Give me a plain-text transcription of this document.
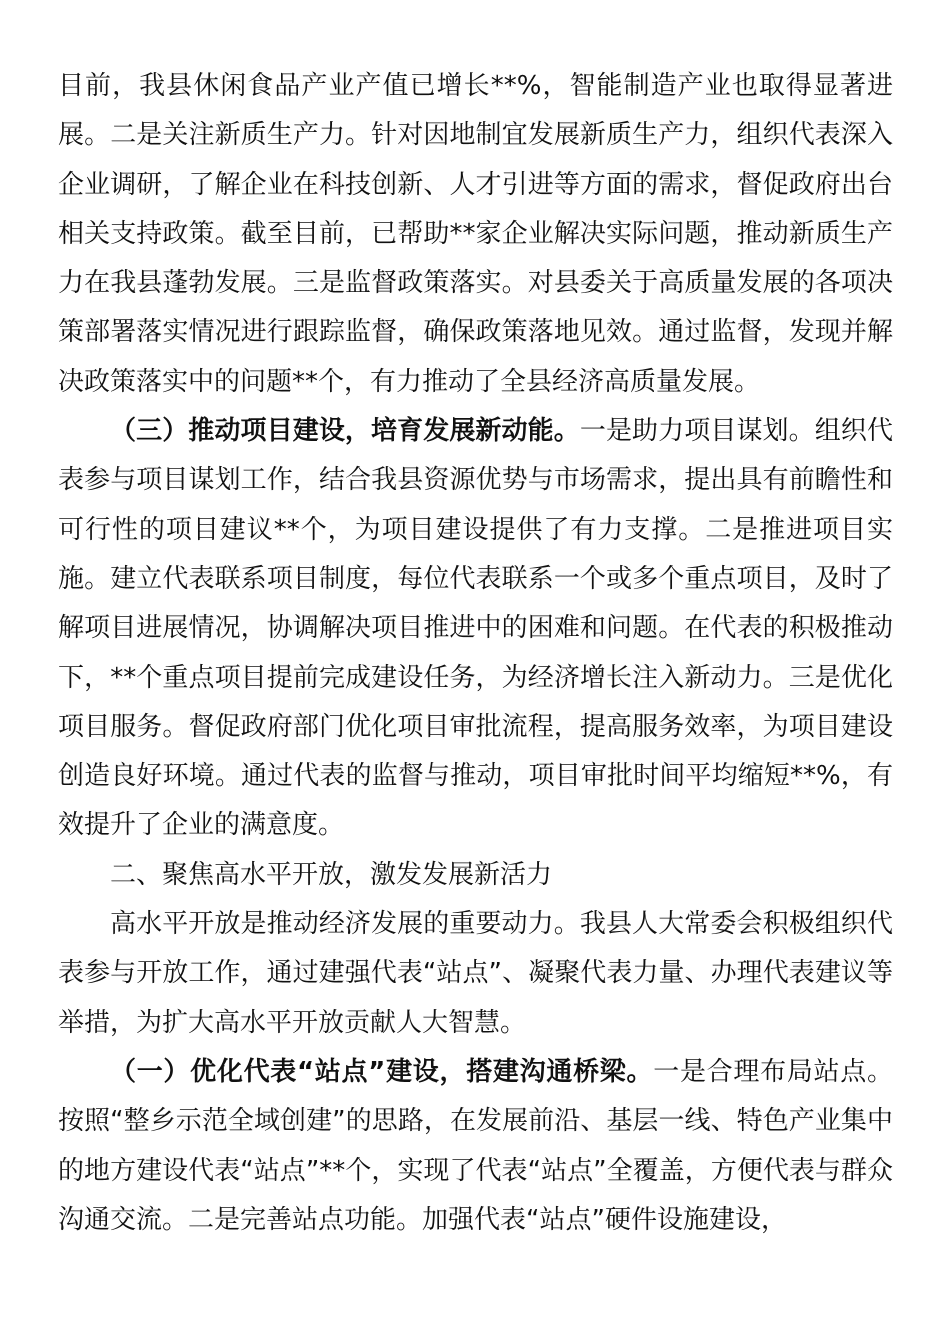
目前，我县休闲食品产业产值已增长**%，智能制造产业也取得显著进展。二是关注新质生产力。针对因地制宜发展新质生产力，组织代表深入企业调研，了解企业在科技创新、人才引进等方面的需求，督促政府出台相关支持政策。截至目前，已帮助**家企业解决实际问题，推动新质生产力在我县蓬勃发展。三是监督政策落实。对县委关于高质量发展的各项决策部署落实情况进行跟踪监督，确保政策落地见效。通过监督，发现并解决政策落实中的问题**个，有力推动了全县经济高质量发展。

（三）推动项目建设，培育发展新动能。一是助力项目谋划。组织代表参与项目谋划工作，结合我县资源优势与市场需求，提出具有前瞻性和可行性的项目建议**个，为项目建设提供了有力支撑。二是推进项目实施。建立代表联系项目制度，每位代表联系一个或多个重点项目，及时了解项目进展情况，协调解决项目推进中的困难和问题。在代表的积极推动下，**个重点项目提前完成建设任务，为经济增长注入新动力。三是优化项目服务。督促政府部门优化项目审批流程，提高服务效率，为项目建设创造良好环境。通过代表的监督与推动，项目审批时间平均缩短**%，有效提升了企业的满意度。

二、聚焦高水平开放，激发发展新活力

高水平开放是推动经济发展的重要动力。我县人大常委会积极组织代表参与开放工作，通过建强代表“站点”、凝聚代表力量、办理代表建议等举措，为扩大高水平开放贡献人大智慧。

（一）优化代表“站点”建设，搭建沟通桥梁。一是合理布局站点。按照“整乡示范全域创建”的思路，在发展前沿、基层一线、特色产业集中的地方建设代表“站点”**个，实现了代表“站点”全覆盖，方便代表与群众沟通交流。二是完善站点功能。加强代表“站点”硬件设施建设，
